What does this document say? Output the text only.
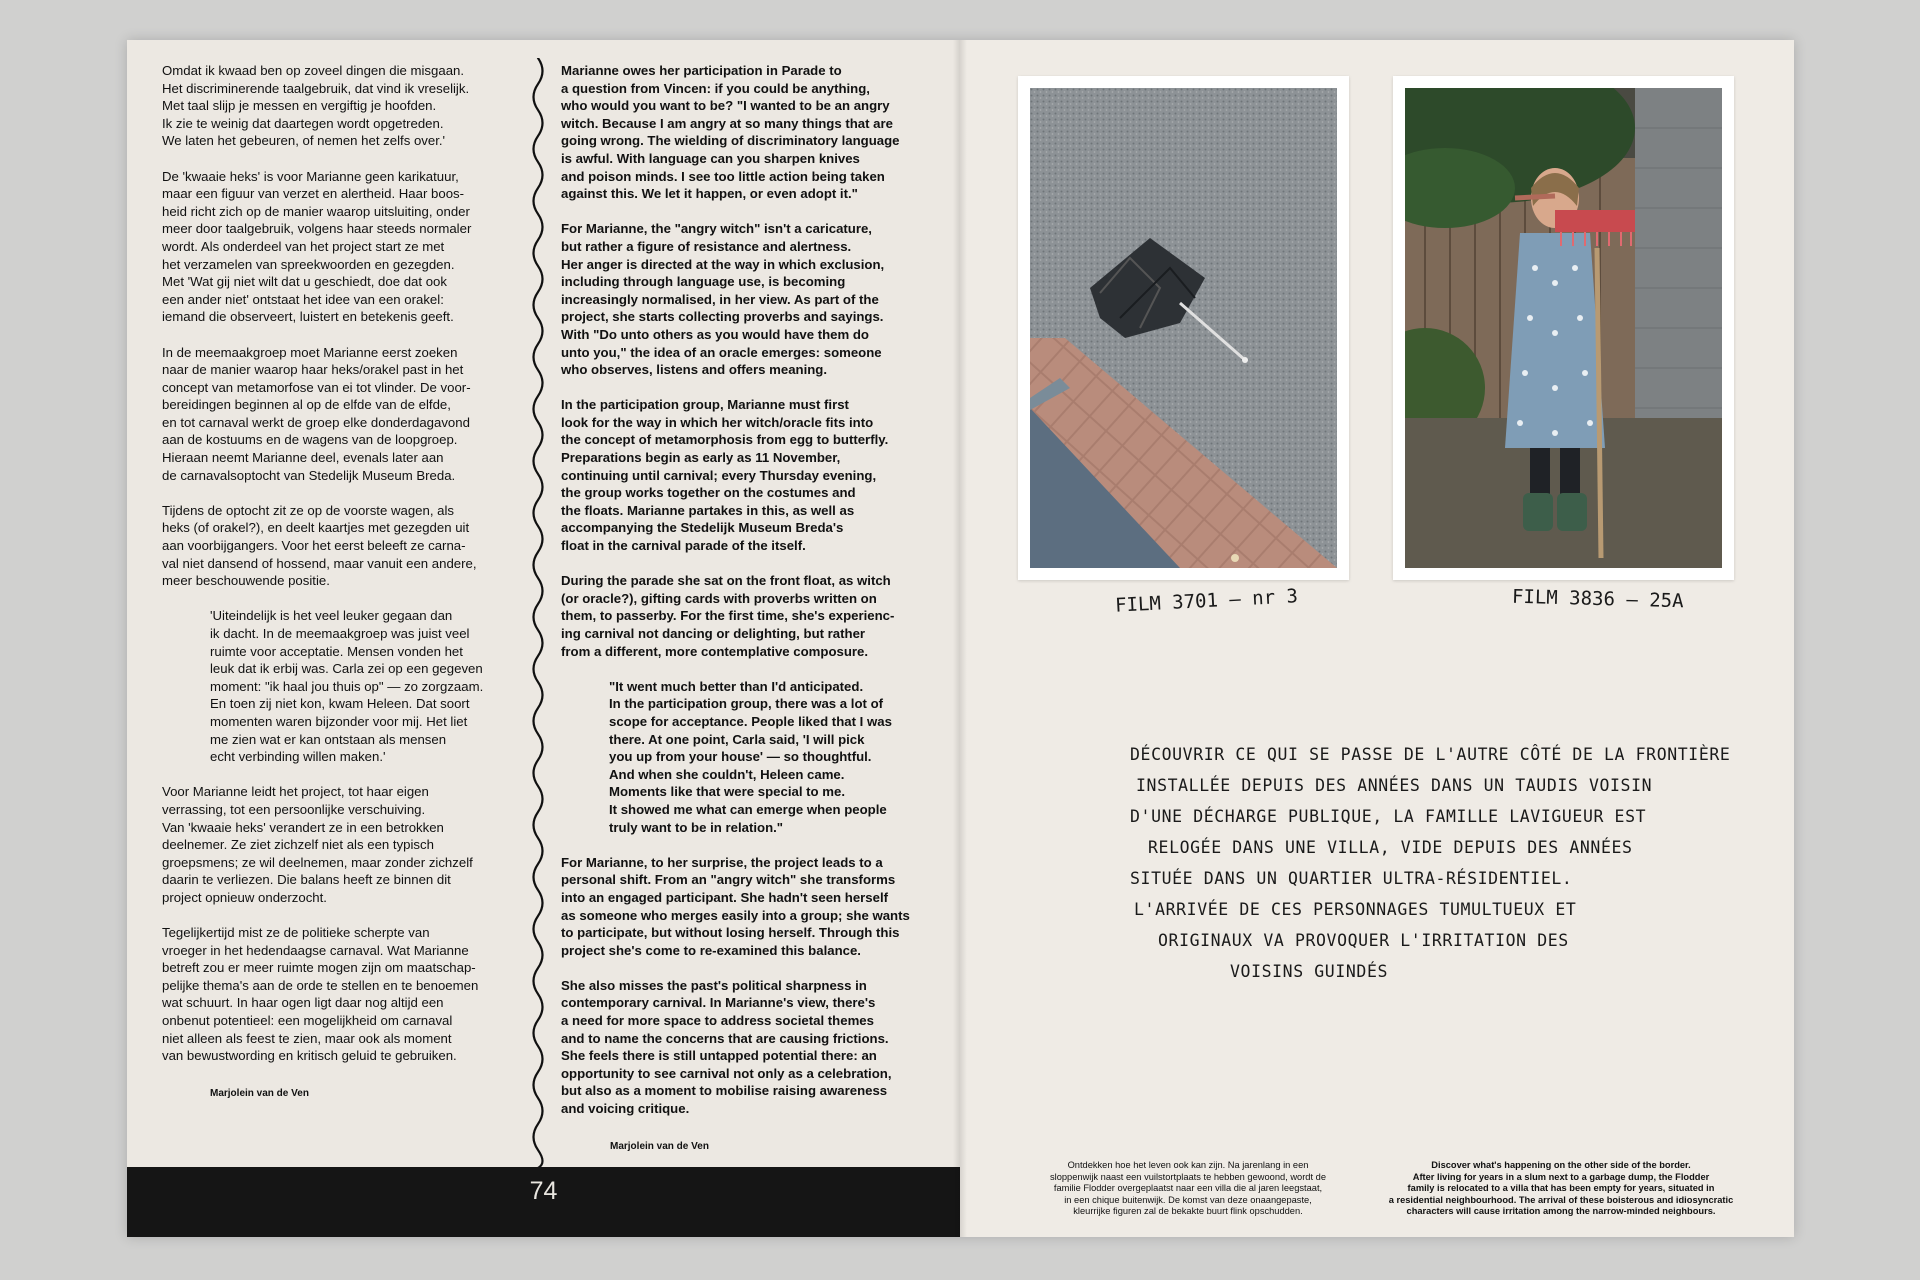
Omdat ik kwaad ben op zoveel dingen die misgaan.
Het discriminerende taalgebruik, dat vind ik vreselijk.
Met taal slijp je messen en vergiftig je hoofden.
Ik zie te weinig dat daartegen wordt opgetreden.
We laten het gebeuren, of nemen het zelfs over.'

De 'kwaaie heks' is voor Marianne geen karikatuur,
maar een figuur van verzet en alertheid. Haar boos-
heid richt zich op de manier waarop uitsluiting, onder
meer door taalgebruik, volgens haar steeds normaler
wordt. Als onderdeel van het project start ze met
het verzamelen van spreekwoorden en gezegden.
Met 'Wat gij niet wilt dat u geschiedt, doe dat ook
een ander niet' ontstaat het idee van een orakel:
iemand die observeert, luistert en betekenis geeft.

In de meemaakgroep moet Marianne eerst zoeken
naar de manier waarop haar heks/orakel past in het
concept van metamorfose van ei tot vlinder. De voor-
bereidingen beginnen al op de elfde van de elfde,
en tot carnaval werkt de groep elke donderdagavond
aan de kostuums en de wagens van de loopgroep.
Hieraan neemt Marianne deel, evenals later aan
de carnavalsoptocht van Stedelijk Museum Breda.

Tijdens de optocht zit ze op de voorste wagen, als
heks (of orakel?), en deelt kaartjes met gezegden uit
aan voorbijgangers. Voor het eerst beleeft ze carna-
val niet dansend of hossend, maar vanuit een andere,
meer beschouwende positie.

'Uiteindelijk is het veel leuker gegaan dan
ik dacht. In de meemaakgroep was juist veel
ruimte voor acceptatie. Mensen vonden het
leuk dat ik erbij was. Carla zei op een gegeven
moment: "ik haal jou thuis op" — zo zorgzaam.
En toen zij niet kon, kwam Heleen. Dat soort
momenten waren bijzonder voor mij. Het liet
me zien wat er kan ontstaan als mensen
echt verbinding willen maken.'

Voor Marianne leidt het project, tot haar eigen
verrassing, tot een persoonlijke verschuiving.
Van 'kwaaie heks' verandert ze in een betrokken
deelnemer. Ze ziet zichzelf niet als een typisch
groepsmens; ze wil deelnemen, maar zonder zichzelf
daarin te verliezen. Die balans heeft ze binnen dit
project opnieuw onderzocht.

Tegelijkertijd mist ze de politieke scherpte van
vroeger in het hedendaagse carnaval. Wat Marianne
betreft zou er meer ruimte mogen zijn om maatschap-
pelijke thema's aan de orde te stellen en te benoemen
wat schuurt. In haar ogen ligt daar nog altijd een
onbenut potentieel: een mogelijkheid om carnaval
niet alleen als feest te zien, maar ook als moment
van bewustwording en kritisch geluid te gebruiken.

Marjolein van de Ven

Marianne owes her participation in Parade to
a question from Vincen: if you could be anything,
who would you want to be? "I wanted to be an angry
witch. Because I am angry at so many things that are
going wrong. The wielding of discriminatory language
is awful. With language can you sharpen knives
and poison minds. I see too little action being taken
against this. We let it happen, or even adopt it."

For Marianne, the "angry witch" isn't a caricature,
but rather a figure of resistance and alertness.
Her anger is directed at the way in which exclusion,
including through language use, is becoming
increasingly normalised, in her view. As part of the
project, she starts collecting proverbs and sayings.
With "Do unto others as you would have them do
unto you," the idea of an oracle emerges: someone
who observes, listens and offers meaning.

In the participation group, Marianne must first
look for the way in which her witch/oracle fits into
the concept of metamorphosis from egg to butterfly.
Preparations begin as early as 11 November,
continuing until carnival; every Thursday evening,
the group works together on the costumes and
the floats. Marianne partakes in this, as well as
accompanying the Stedelijk Museum Breda's
float in the carnival parade of the itself.

During the parade she sat on the front float, as witch
(or oracle?), gifting cards with proverbs written on
them, to passerby. For the first time, she's experienc-
ing carnival not dancing or delighting, but rather
from a different, more contemplative composure.

"It went much better than I'd anticipated.
In the participation group, there was a lot of
scope for acceptance. People liked that I was
there. At one point, Carla said, 'I will pick
you up from your house' — so thoughtful.
And when she couldn't, Heleen came.
Moments like that were special to me.
It showed me what can emerge when people
truly want to be in relation."

For Marianne, to her surprise, the project leads to a
personal shift. From an "angry witch" she transforms
into an engaged participant. She hadn't seen herself
as someone who merges easily into a group; she wants
to participate, but without losing herself. Through this
project she's come to re-examined this balance.

She also misses the past's political sharpness in
contemporary carnival. In Marianne's view, there's
a need for more space to address societal themes
and to name the concerns that are causing frictions.
She feels there is still untapped potential there: an
opportunity to see carnival not only as a celebration,
but also as a moment to mobilise raising awareness
and voicing critique.

Marjolein van de Ven

74
FILM 3701 – nr 3	FILM 3836 – 25A
DÉCOUVRIR CE QUI SE PASSE DE L'AUTRE CÔTÉ DE LA FRONTIÈRE
INSTALLÉE DEPUIS DES ANNÉES DANS UN TAUDIS VOISIN
D'UNE DÉCHARGE PUBLIQUE, LA FAMILLE LAVIGUEUR EST
RELOGÉE DANS UNE VILLA, VIDE DEPUIS DES ANNÉES
SITUÉE DANS UN QUARTIER ULTRA-RÉSIDENTIEL.
L'ARRIVÉE DE CES PERSONNAGES TUMULTUEUX ET
ORIGINAUX VA PROVOQUER L'IRRITATION DES
VOISINS GUINDÉS
Ontdekken hoe het leven ook kan zijn. Na jarenlang in een
sloppenwijk naast een vuilstortplaats te hebben gewoond, wordt de
familie Flodder overgeplaatst naar een villa die al jaren leegstaat,
in een chique buitenwijk. De komst van deze onaangepaste,
kleurrijke figuren zal de bekakte buurt flink opschudden.
Discover what's happening on the other side of the border.
After living for years in a slum next to a garbage dump, the Flodder
family is relocated to a villa that has been empty for years, situated in
a residential neighbourhood. The arrival of these boisterous and idiosyncratic
characters will cause irritation among the narrow-minded neighbours.
